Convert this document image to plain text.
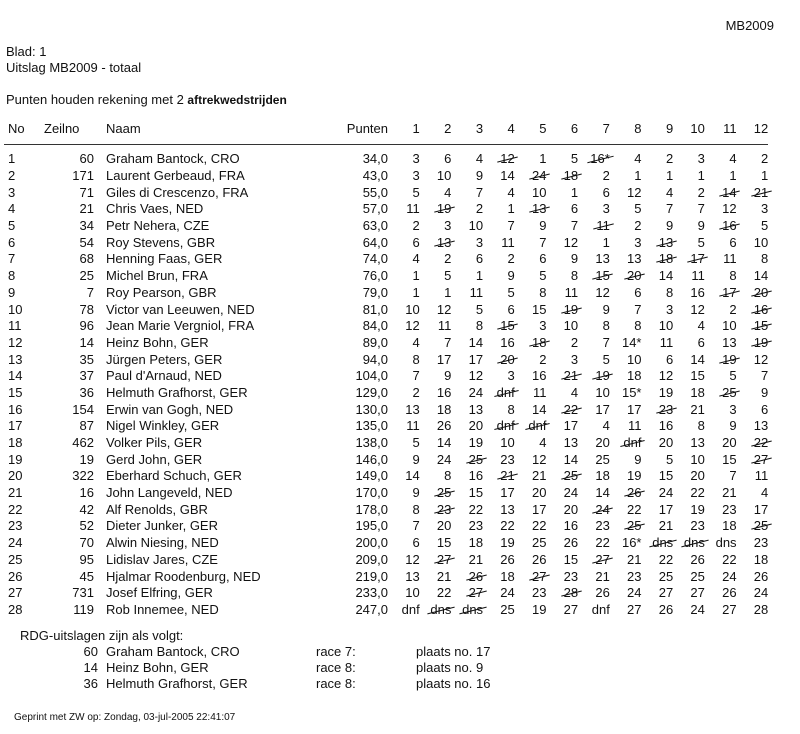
MB2009
Blad: 1
Uitslag MB2009 - totaal
Punten houden rekening met 2 aftrekwedstrijden
No	Zeilno	Naam	Punten	1	2	3	4	5	6	7	8	9	10	11	12
1	60	Graham Bantock, CRO	34,0	3	6	4	12	1	5	16*	4	2	3	4	2
2	171	Laurent Gerbeaud, FRA	43,0	3	10	9	14	24	18	2	1	1	1	1	1
3	71	Giles di Crescenzo, FRA	55,0	5	4	7	4	10	1	6	12	4	2	14	21
4	21	Chris Vaes, NED	57,0	11	19	2	1	13	6	3	5	7	7	12	3
5	34	Petr Nehera, CZE	63,0	2	3	10	7	9	7	11	2	9	9	16	5
6	54	Roy Stevens, GBR	64,0	6	13	3	11	7	12	1	3	13	5	6	10
7	68	Henning Faas, GER	74,0	4	2	6	2	6	9	13	13	18	17	11	8
8	25	Michel Brun, FRA	76,0	1	5	1	9	5	8	15	20	14	11	8	14
9	7	Roy Pearson, GBR	79,0	1	1	11	5	8	11	12	6	8	16	17	20
10	78	Victor van Leeuwen, NED	81,0	10	12	5	6	15	19	9	7	3	12	2	16
11	96	Jean Marie Vergniol, FRA	84,0	12	11	8	15	3	10	8	8	10	4	10	15
12	14	Heinz Bohn, GER	89,0	4	7	14	16	18	2	7	14*	11	6	13	19
13	35	Jürgen Peters, GER	94,0	8	17	17	20	2	3	5	10	6	14	19	12
14	37	Paul d'Arnaud, NED	104,0	7	9	12	3	16	21	19	18	12	15	5	7
15	36	Helmuth Grafhorst, GER	129,0	2	16	24	dnf	11	4	10	15*	19	18	25	9
16	154	Erwin van Gogh, NED	130,0	13	18	13	8	14	22	17	17	23	21	3	6
17	87	Nigel Winkley, GER	135,0	11	26	20	dnf	dnf	17	4	11	16	8	9	13
18	462	Volker Pils, GER	138,0	5	14	19	10	4	13	20	dnf	20	13	20	22
19	19	Gerd John, GER	146,0	9	24	25	23	12	14	25	9	5	10	15	27
20	322	Eberhard Schuch, GER	149,0	14	8	16	21	21	25	18	19	15	20	7	11
21	16	John Langeveld, NED	170,0	9	25	15	17	20	24	14	26	24	22	21	4
22	42	Alf Renolds, GBR	178,0	8	23	22	13	17	20	24	22	17	19	23	17
23	52	Dieter Junker, GER	195,0	7	20	23	22	22	16	23	25	21	23	18	25
24	70	Alwin Niesing, NED	200,0	6	15	18	19	25	26	22	16*	dns	dns	dns	23
25	95	Lidislav Jares, CZE	209,0	12	27	21	26	26	15	27	21	22	26	22	18
26	45	Hjalmar Roodenburg, NED	219,0	13	21	26	18	27	23	21	23	25	25	24	26
27	731	Josef Elfring, GER	233,0	10	22	27	24	23	28	26	24	27	27	26	24
28	119	Rob Innemee, NED	247,0	dnf	dns	dns	25	19	27	dnf	27	26	24	27	28
RDG-uitslagen zijn als volgt:
60	Graham Bantock, CRO	race 7:	plaats no. 17
14	Heinz Bohn, GER	race 8:	plaats no. 9
36	Helmuth Grafhorst, GER	race 8:	plaats no. 16
Geprint met ZW op: Zondag, 03-jul-2005 22:41:07
